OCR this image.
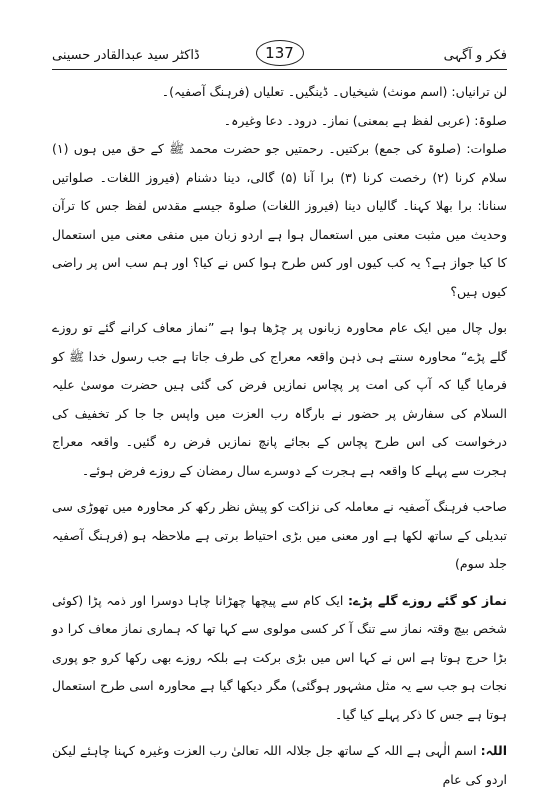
فکر و آگہی
137
ڈاکٹر سید عبدالقادر حسینی

لن ترانیاں: (اسم مونث) شیخیاں۔ ڈینگیں۔ تعلیاں (فرہنگ آصفیہ)۔

صلوۃ: (عربی لفظ ہے بمعنی) نماز۔ درود۔ دعا وغیرہ۔

صلوات: (صلوۃ کی جمع) برکتیں۔ رحمتیں جو حضرت محمد ﷺ کے حق میں ہوں (۱) سلام کرنا (۲) رخصت کرنا (۳) برا آنا (۵) گالی، دینا دشنام (فیروز اللغات۔ صلواتیں سنانا: برا بھلا کہنا۔ گالیاں دینا (فیروز اللغات) صلوۃ جیسے مقدس لفظ جس کا ترآن وحدیث میں مثبت معنی میں استعمال ہوا ہے اردو زبان میں منفی معنی میں استعمال کا کیا جواز ہے؟ یہ کب کیوں اور کس طرح ہوا کس نے کیا؟ اور ہم سب اس پر راضی کیوں ہیں؟

بول چال میں ایک عام محاورہ زبانوں پر چڑھا ہوا ہے ”نماز معاف کرانے گئے تو روزے گلے پڑے“ محاورہ سنتے ہی ذہن واقعہ معراج کی طرف جاتا ہے جب رسول خدا ﷺ کو فرمایا گیا کہ آپ کی امت پر پچاس نمازیں فرض کی گئی ہیں حضرت موسیٰ علیہ السلام کی سفارش پر حضور نے بارگاہ رب العزت میں واپس جا جا کر تخفیف کی درخواست کی اس طرح پچاس کے بجائے پانچ نمازیں فرض رہ گئیں۔ واقعہ معراج ہجرت سے پہلے کا واقعہ ہے ہجرت کے دوسرے سال رمضان کے روزے فرض ہوئے۔

صاحب فرہنگ آصفیہ نے معاملہ کی نزاکت کو پیش نظر رکھ کر محاورہ میں تھوڑی سی تبدیلی کے ساتھ لکھا ہے اور معنی میں بڑی احتیاط برتی ہے ملاحظہ ہو (فرہنگ آصفیہ جلد سوم)

نماز کو گئے روزے گلے پڑے: ایک کام سے پیچھا چھڑانا چاہا دوسرا اور ذمہ پڑا (کوئی شخص بیچ وقتہ نماز سے تنگ آ کر کسی مولوی سے کہا تھا کہ ہماری نماز معاف کرا دو بڑا حرج ہوتا ہے اس نے کہا اس میں بڑی برکت ہے بلکہ روزے بھی رکھا کرو جو پوری نجات ہو جب سے یہ مثل مشہور ہوگئی) مگر دیکھا گیا ہے محاورہ اسی طرح استعمال ہوتا ہے جس کا ذکر پہلے کیا گیا۔

اللہ: اسم الٰہی ہے اللہ کے ساتھ جل جلالہ اللہ تعالیٰ رب العزت وغیرہ کہنا چاہئے لیکن اردو کی عام
